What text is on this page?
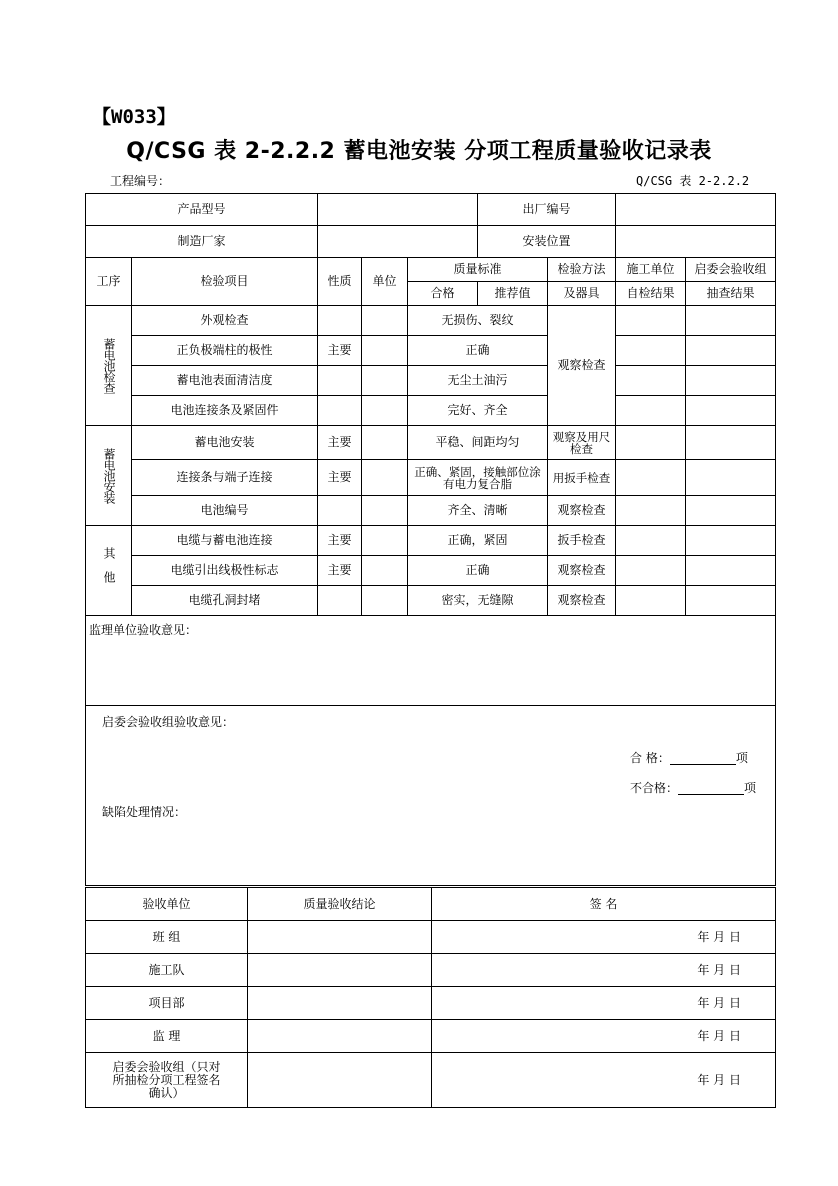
【W033】
Q/CSG 表 2-2.2.2 蓄电池安装 分项工程质量验收记录表
工程编号：	Q/CSG 表 2-2.2.2
产品型号					出厂编号			
制造厂家					安装位置			
工序	检验项目	性质	单位	质量标准		检验方法	施工单位	启委会验收组
				合格	推荐值	及器具	自检结果	抽查结果

蓄电池检查	外观检查			无损伤、裂纹		观察检查		
	正负极端柱的极性	主要		正确				
	蓄电池表面清洁度			无尘土油污				
	电池连接条及紧固件			完好、齐全				

蓄电池安装	蓄电池安装	主要		平稳、间距均匀		观察及用尺检查		
	连接条与端子连接	主要		正确、紧固，接触部位涂有电力复合脂		用扳手检查		
	电池编号			齐全、清晰		观察检查		

其他	电缆与蓄电池连接	主要		正确，紧固		扳手检查		
	电缆引出线极性标志	主要		正确		观察检查		
	电缆孔洞封堵			密实，无缝隙		观察检查		

监理单位验收意见：								

启委会验收组验收意见：
合 格： 项
不合格： 项
缺陷处理情况：								
验收单位	质量验收结论	签 名
班 组		年 月 日
施工队		年 月 日
项目部		年 月 日
监 理		年 月 日
启委会验收组（只对所抽检分项工程签名确认）		年 月 日
